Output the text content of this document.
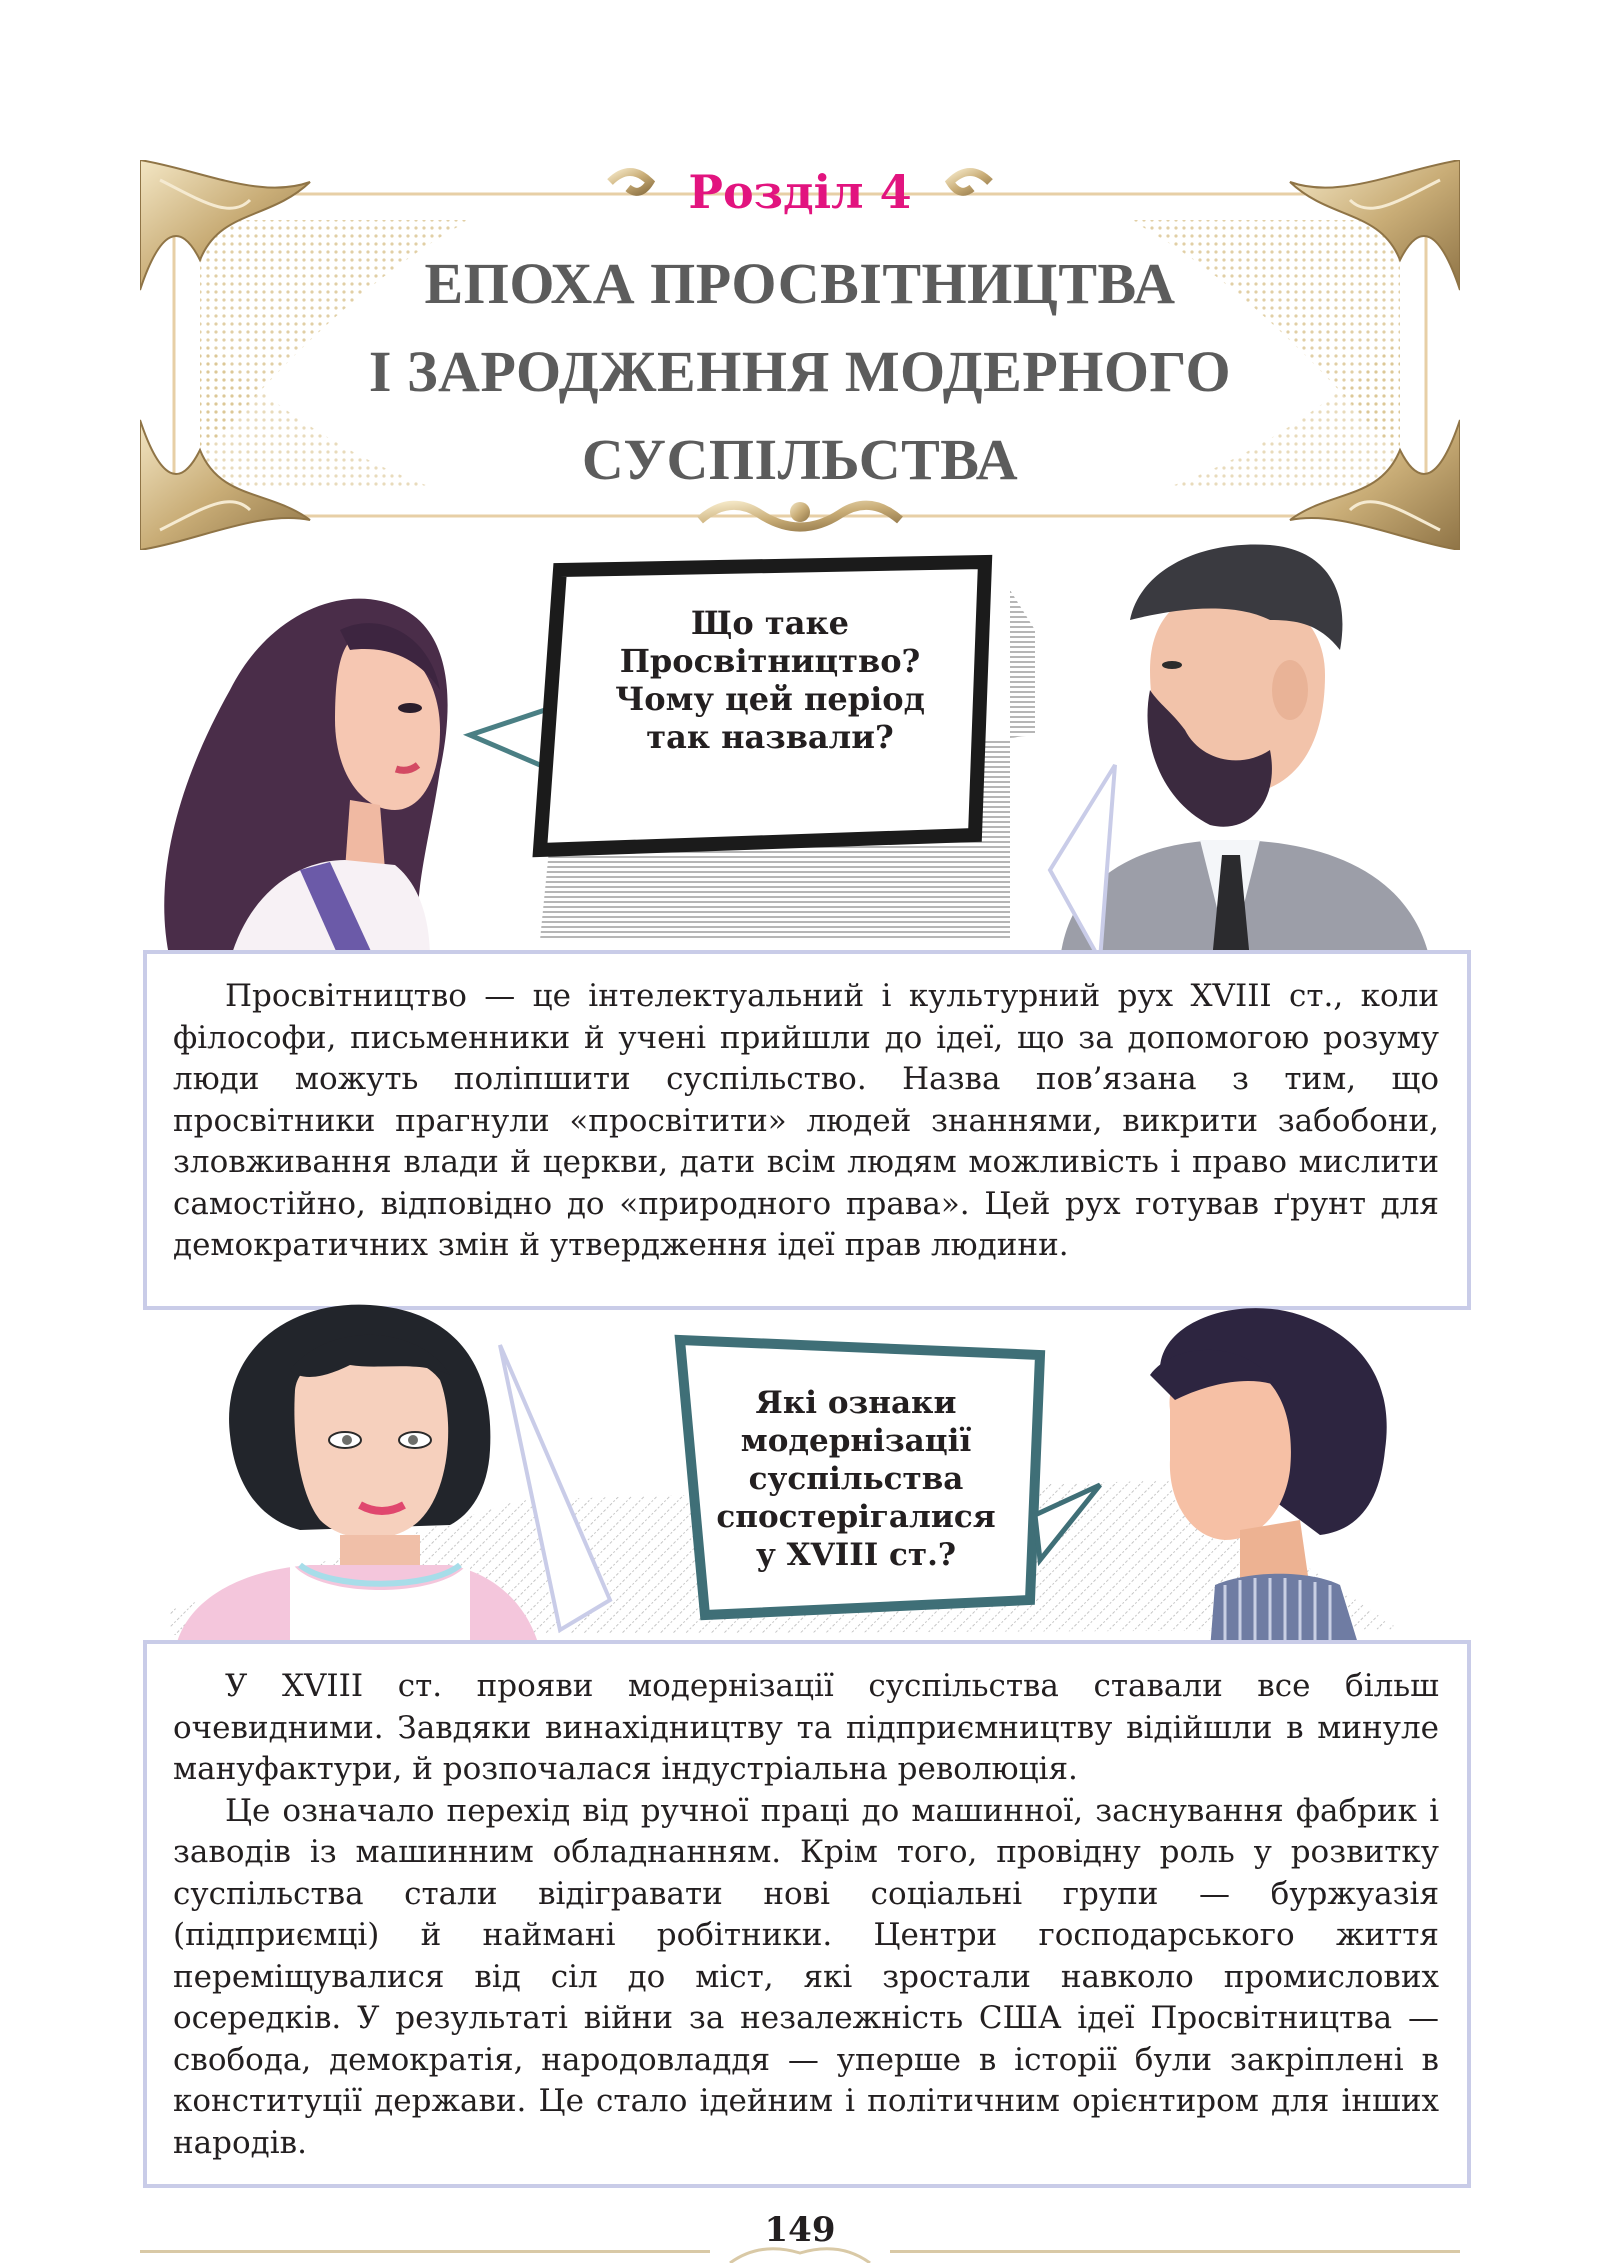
Розділ 4
ЕПОХА ПРОСВІТНИЦТВА
І ЗАРОДЖЕННЯ МОДЕРНОГО
СУСПІЛЬСТВА
Що таке
Просвітництво?
Чому цей період
так назвали?

Просвітництво — це інтелектуальний і культурний рух XVIII ст., коли філософи, письменники й учені прийшли до ідеї, що за допомогою розуму люди можуть поліпшити суспільство. Назва пов’язана з тим, що просвітники прагнули «просвітити» людей знаннями, викрити забобони, зловживання влади й церкви, дати всім людям можливість і право мислити самостійно, відповідно до «природного права». Цей рух готував ґрунт для демократичних змін й утвердження ідеї прав людини.

Які ознаки
модернізації
суспільства
спостерігалися
у XVIII ст.?

У XVIII ст. прояви модернізації суспільства ставали все більш очевидними. Завдяки винахідництву та підприємництву відійшли в минуле мануфактури, й розпочалася індустріальна революція.

Це означало перехід від ручної праці до машинної, заснування фабрик і заводів із машинним обладнанням. Крім того, провідну роль у розвитку суспільства стали відігравати нові соціальні групи — буржуазія (підприємці) й наймані робітники. Центри господарського життя переміщувалися від сіл до міст, які зростали навколо промислових осередків. У результаті війни за незалежність США ідеї Просвітництва — свобода, демократія, народовладдя — уперше в історії були закріплені в конституції держави. Це стало ідейним і політичним орієнтиром для інших народів.

149
